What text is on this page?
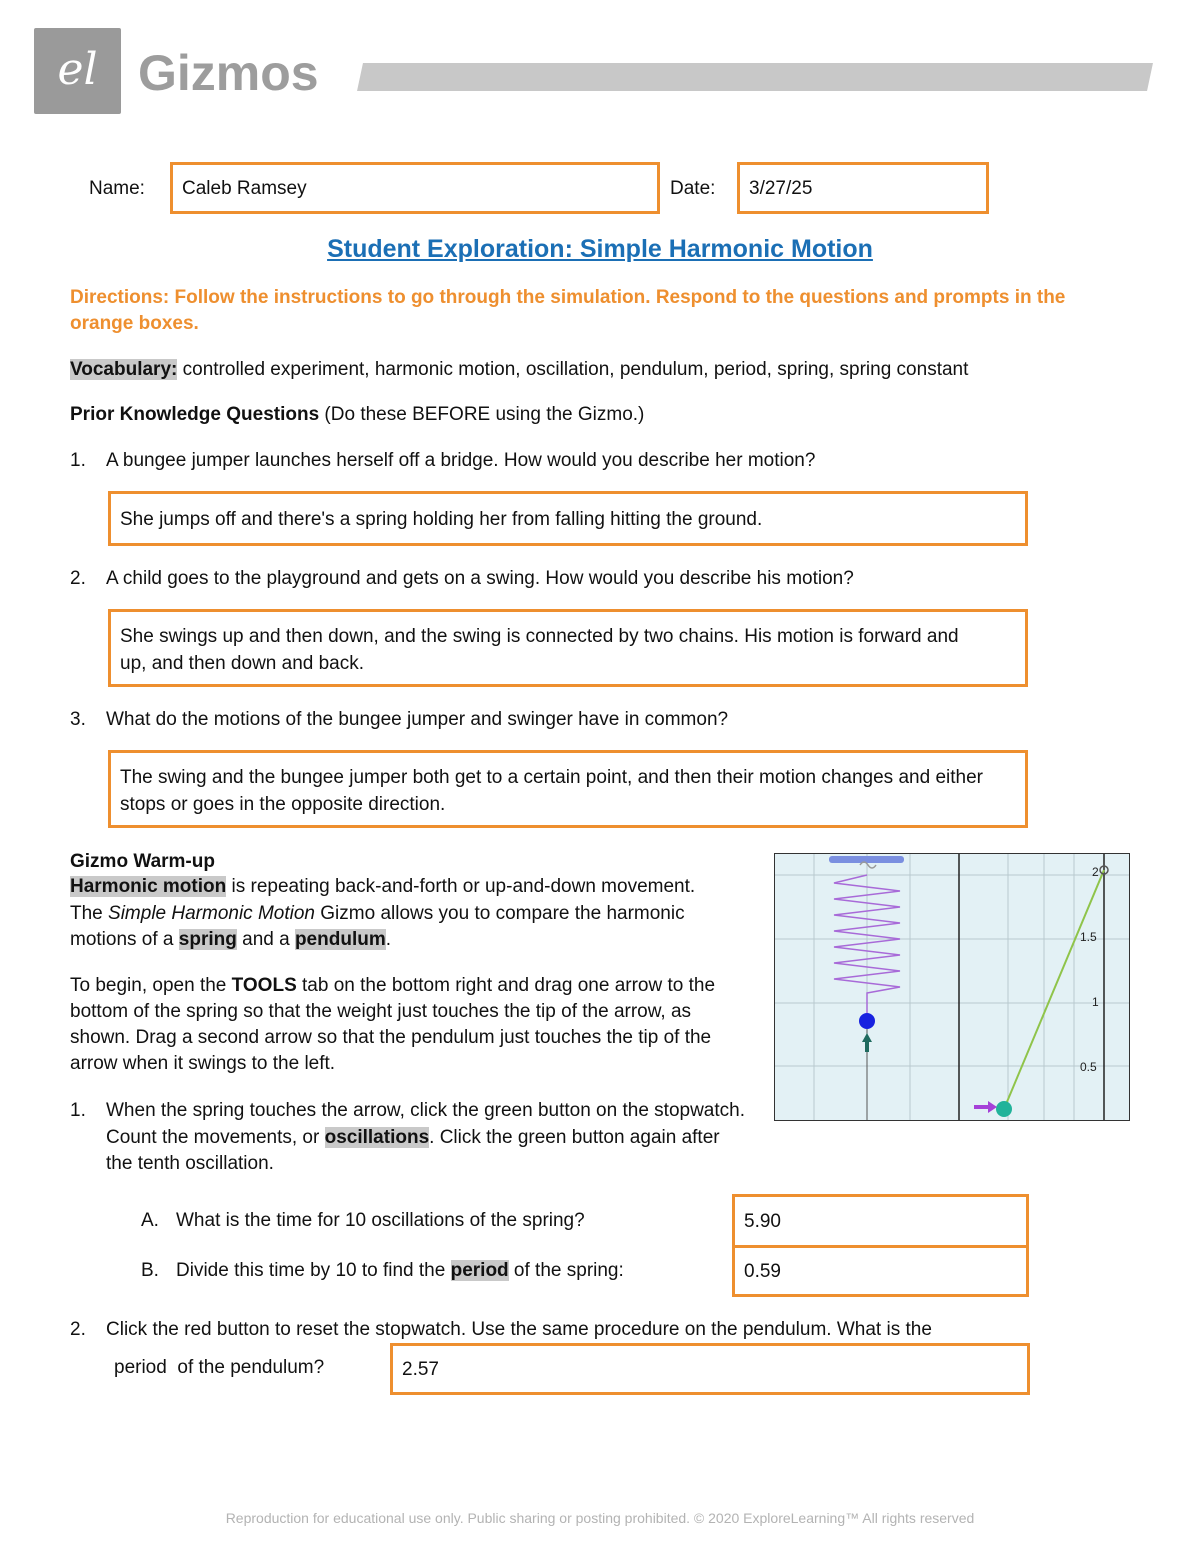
el Gizmos
Name:	Caleb Ramsey	Date:	3/27/25
Student Exploration: Simple Harmonic Motion
Directions: Follow the instructions to go through the simulation. Respond to the questions and prompts in the orange boxes.
Vocabulary: controlled experiment, harmonic motion, oscillation, pendulum, period, spring, spring constant
Prior Knowledge Questions (Do these BEFORE using the Gizmo.)
1. A bungee jumper launches herself off a bridge. How would you describe her motion?
She jumps off and there's a spring holding her from falling hitting the ground.
2. A child goes to the playground and gets on a swing. How would you describe his motion?
She swings up and then down, and the swing is connected by two chains. His motion is forward and up, and then down and back.
3. What do the motions of the bungee jumper and swinger have in common?
The swing and the bungee jumper both get to a certain point, and then their motion changes and either stops or goes in the opposite direction.
Gizmo Warm-up
Harmonic motion is repeating back-and-forth or up-and-down movement. The Simple Harmonic Motion Gizmo allows you to compare the harmonic motions of a spring and a pendulum.
To begin, open the TOOLS tab on the bottom right and drag one arrow to the bottom of the spring so that the weight just touches the tip of the arrow, as shown. Drag a second arrow so that the pendulum just touches the tip of the arrow when it swings to the left.
2
1.5
1
0.5
1. When the spring touches the arrow, click the green button on the stopwatch. Count the movements, or oscillations. Click the green button again after the tenth oscillation.
A. What is the time for 10 oscillations of the spring?	5.90
B. Divide this time by 10 to find the period of the spring:	0.59
2. Click the red button to reset the stopwatch. Use the same procedure on the pendulum. What is the
period  of the pendulum?	2.57
Reproduction for educational use only. Public sharing or posting prohibited. © 2020 ExploreLearning™ All rights reserved
